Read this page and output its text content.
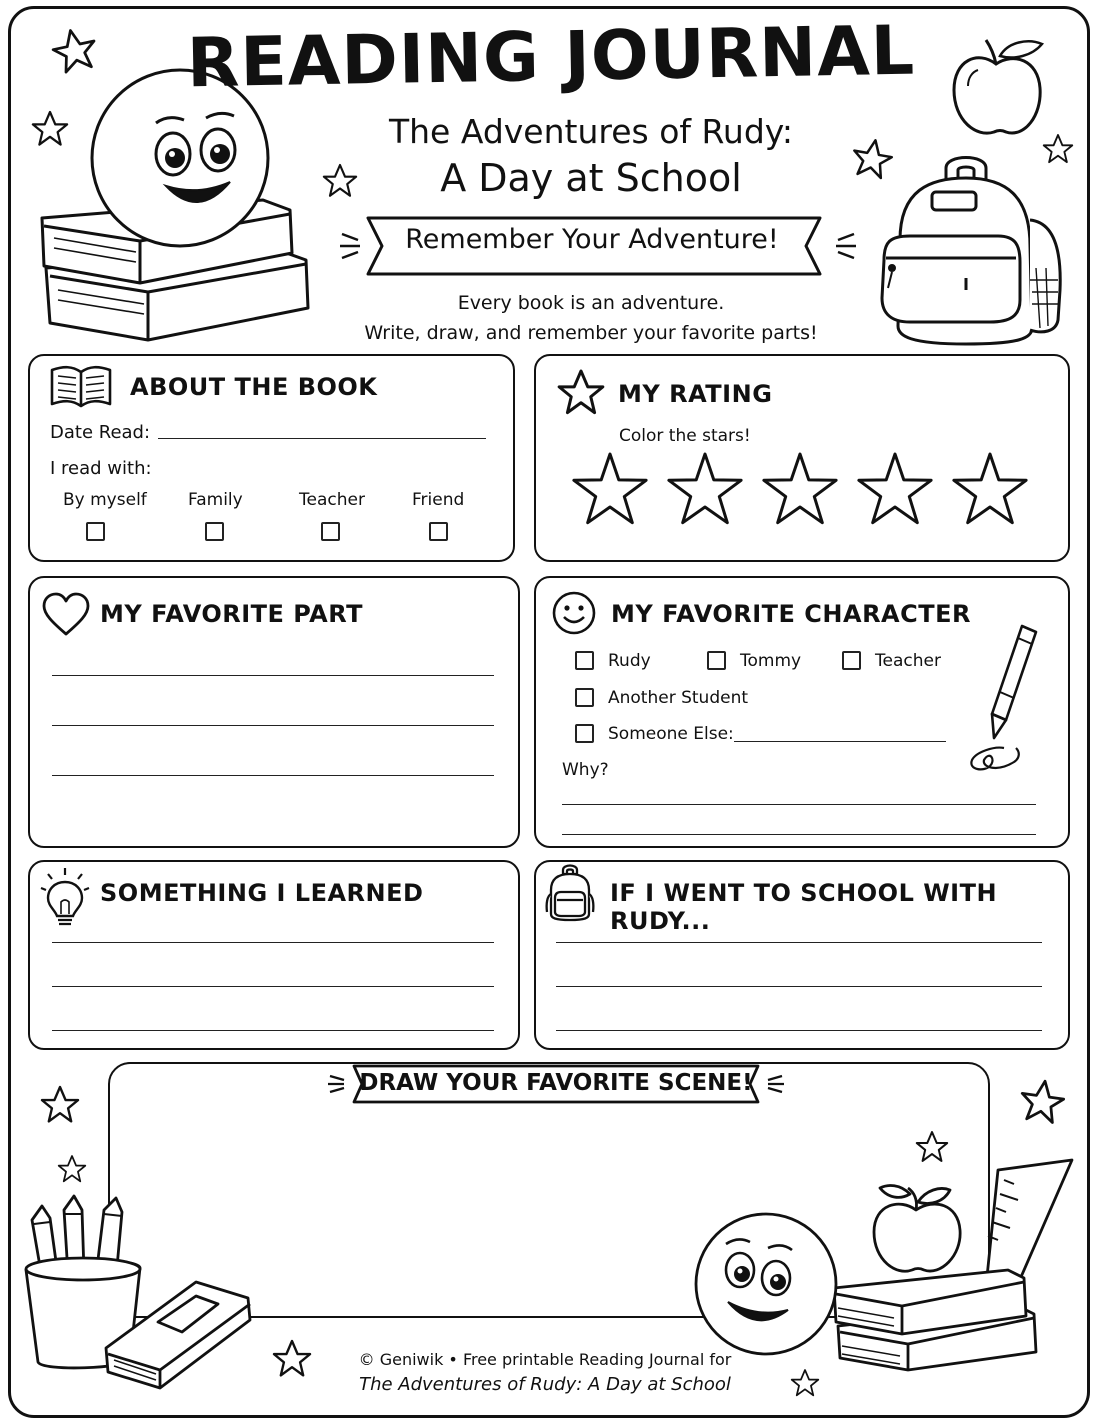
READING JOURNAL
The Adventures of Rudy:
A Day at School
Remember Your Adventure!
Every book is an adventure.
Write, draw, and remember your favorite parts!
ABOUT THE BOOK
Date Read:
I read with:
By myself Family	Teacher	Friend
MY RATING
Color the stars!
MY FAVORITE PART	MY FAVORITE CHARACTER
Rudy	Tommy	Teacher
Another Student
Someone Else:
Why?
SOMETHING I LEARNED	IF I WENT TO SCHOOL WITH RUDY...
DRAW YOUR FAVORITE SCENE!
© Geniwik • Free printable Reading Journal for
The Adventures of Rudy: A Day at School
